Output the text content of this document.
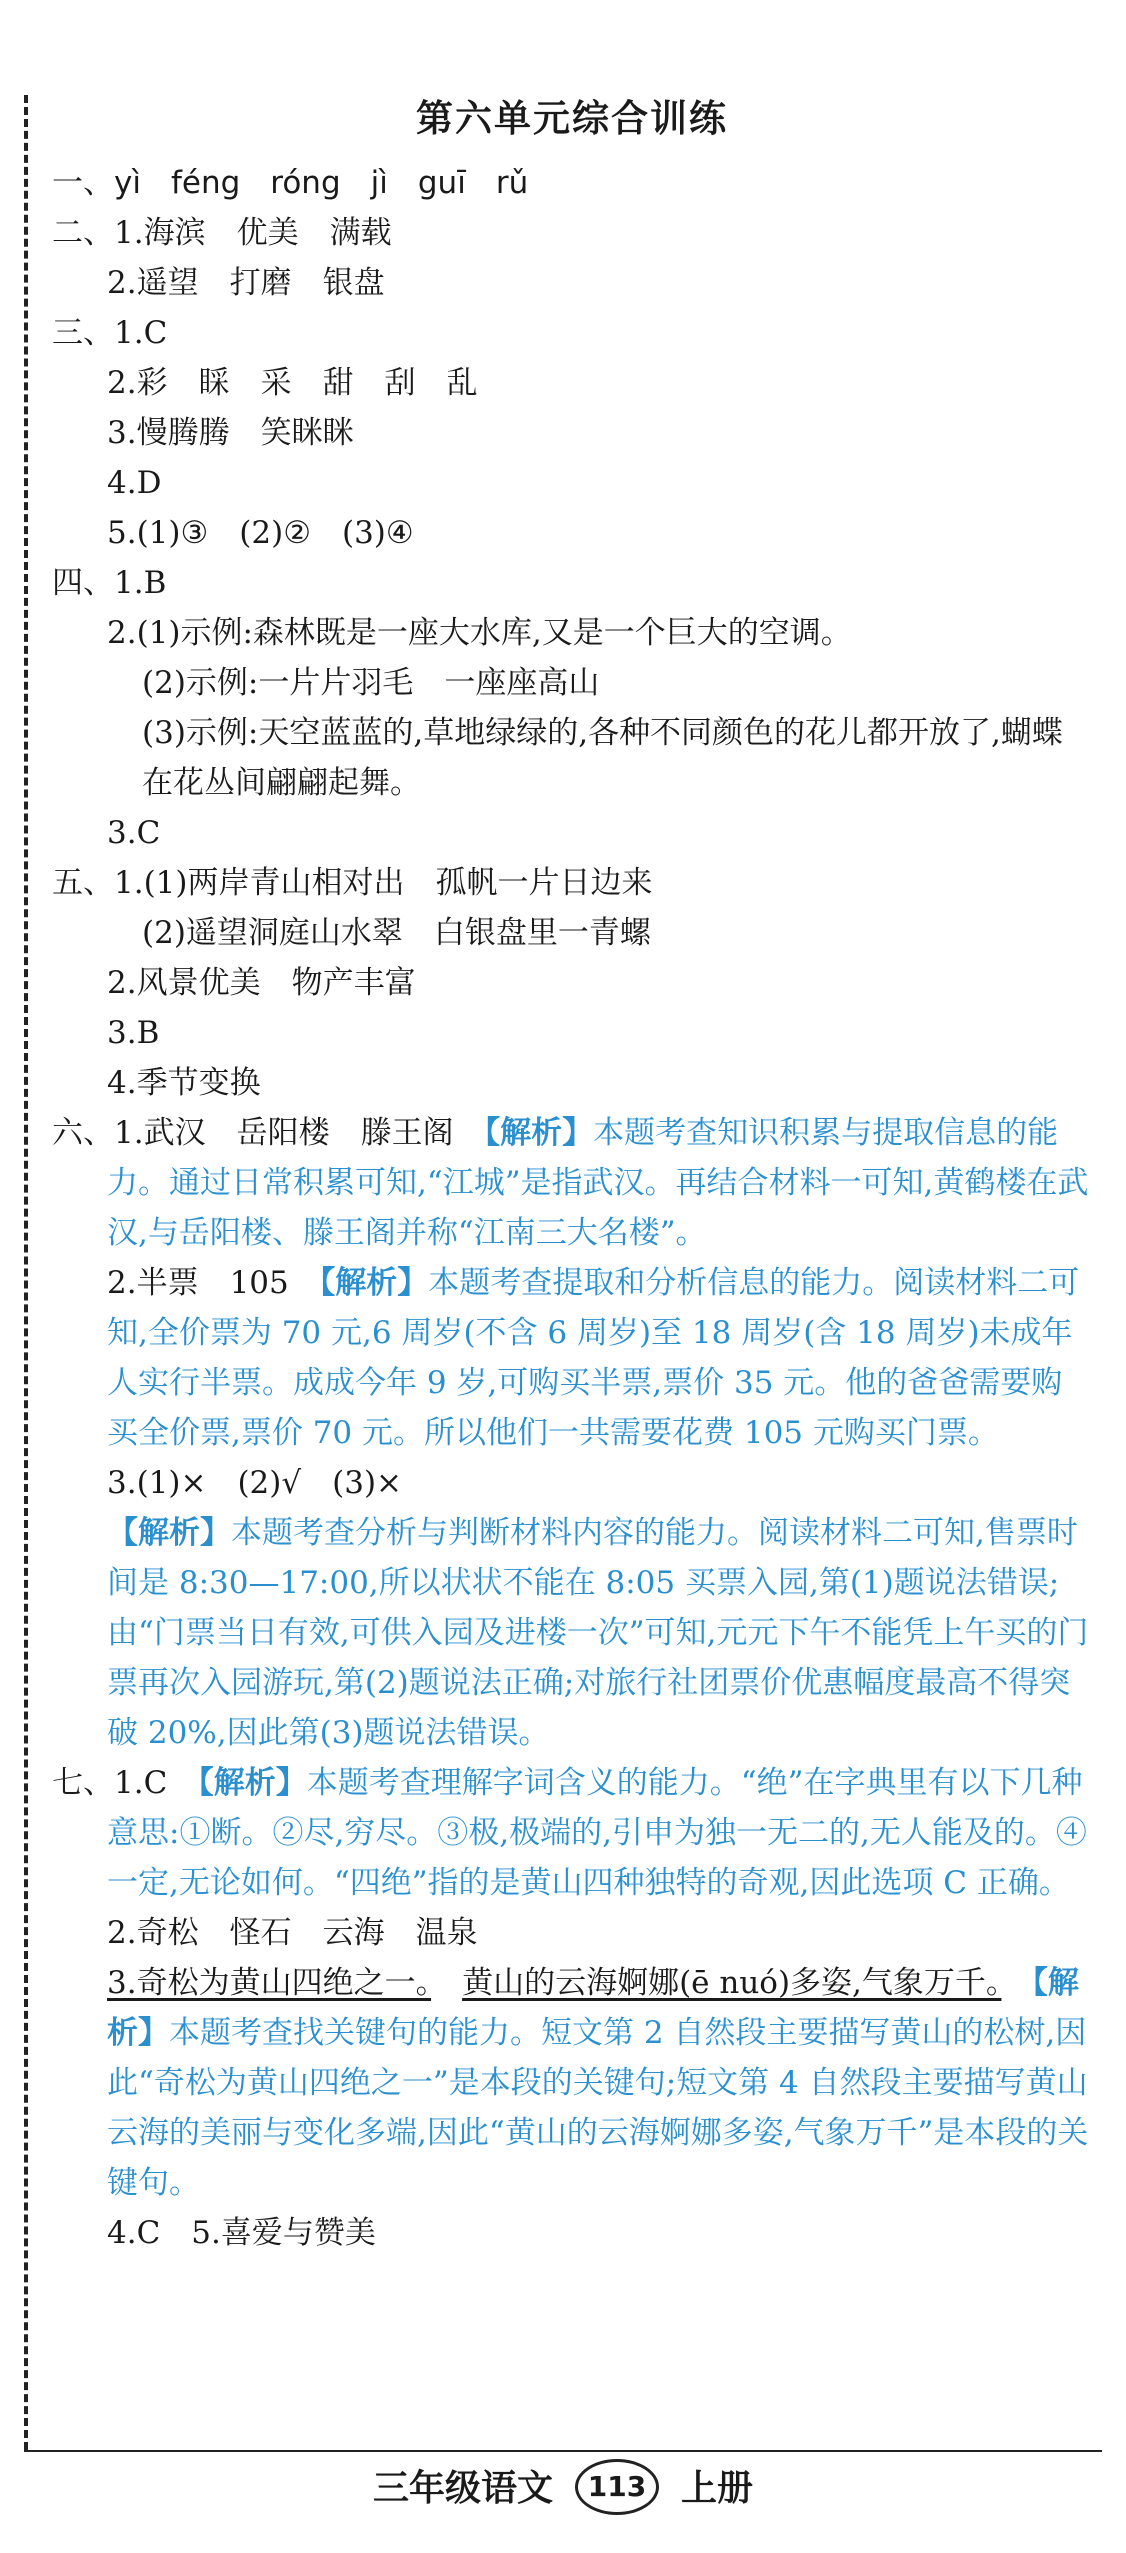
第六单元综合训练
一、yì féng róng jì guī rǔ
二、1.海滨　优美　满载
2.遥望　打磨　银盘
三、1.C
2.彩　睬　采　甜　刮　乱
3.慢腾腾　笑眯眯
4.D
5.(1)③　(2)②　(3)④
四、1.B
2.(1)示例:森林既是一座大水库,又是一个巨大的空调。
(2)示例:一片片羽毛　一座座高山
(3)示例:天空蓝蓝的,草地绿绿的,各种不同颜色的花儿都开放了,蝴蝶在花丛间翩翩起舞。
3.C
五、1.(1)两岸青山相对出　孤帆一片日边来
(2)遥望洞庭山水翠　白银盘里一青螺
2.风景优美　物产丰富
3.B
4.季节变换
六、1.武汉　岳阳楼　滕王阁　 【解析】本题考查知识积累与提取信息的能力。通过日常积累可知,“江城”是指武汉。再结合材料一可知,黄鹤楼在武汉,与岳阳楼、滕王阁并称“江南三大名楼”。
2.半票　105　 【解析】本题考查提取和分析信息的能力。阅读材料二可知,全价票为 70 元,6 周岁(不含 6 周岁)至 18 周岁(含 18 周岁)未成年人实行半票。成成今年 9 岁,可购买半票,票价 35 元。他的爸爸需要购买全价票,票价 70 元。所以他们一共需要花费 105 元购买门票。
3.(1)×　(2)√　(3)×
【解析】本题考查分析与判断材料内容的能力。阅读材料二可知,售票时间是 8:30—17:00,所以状状不能在 8:05 买票入园,第(1)题说法错误;由“门票当日有效,可供入园及进楼一次”可知,元元下午不能凭上午买的门票再次入园游玩,第(2)题说法正确;对旅行社团票价优惠幅度最高不得突破 20%,因此第(3)题说法错误。
七、1.C　 【解析】本题考查理解字词含义的能力。“绝”在字典里有以下几种意思:①断。②尽,穷尽。③极,极端的,引申为独一无二的,无人能及的。④一定,无论如何。“四绝”指的是黄山四种独特的奇观,因此选项 C 正确。
2.奇松　怪石　云海　温泉
3.奇松为黄山四绝之一。　 黄山的云海婀娜(ē nuó)多姿,气象万千。　 【解析】本题考查找关键句的能力。短文第 2 自然段主要描写黄山的松树,因此“奇松为黄山四绝之一”是本段的关键句;短文第 4 自然段主要描写黄山云海的美丽与变化多端,因此“黄山的云海婀娜多姿,气象万千”是本段的关键句。
4.C　5.喜爱与赞美
三年级语文 113 上册
